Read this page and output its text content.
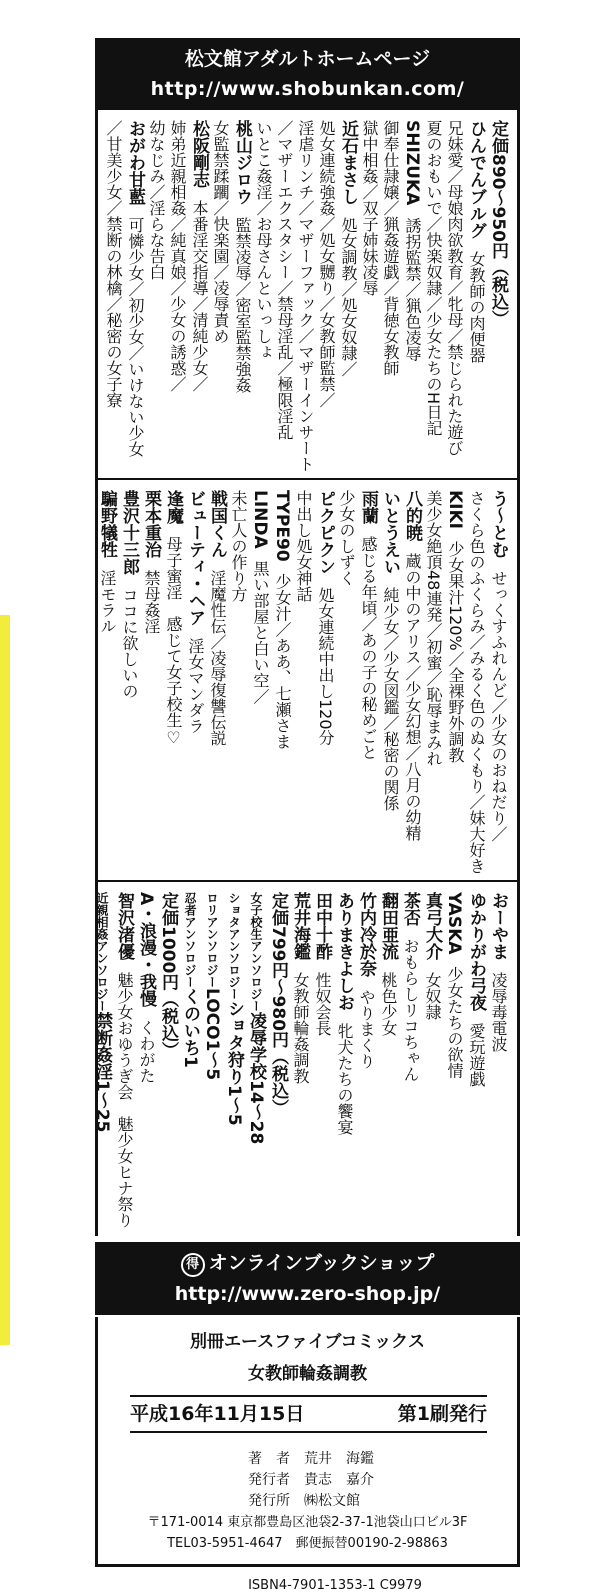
松文館アダルトホームページ
http://www.shobunkan.com/
定価890～950円（税込）
ひんでんブルグ女教師の肉便器
兄妹愛／母娘肉欲教育／牝母／禁じられた遊び
夏のおもいで／快楽奴隷／少女たちのH日記
SHIZUKA誘拐監禁／猟色凌辱
御奉仕隷嬢／猟姦遊戯／背徳女教師
獄中相姦／双子姉妹凌辱
近石まさし処女調教／処女奴隷／
処女連続強姦／処女嬲り／女教師監禁／
淫虐リンチ／マザーファック／マザーインサート
／マザーエクスタシー／禁母淫乱／極限淫乱
いとこ姦淫／お母さんといっしょ
桃山ジロウ監禁凌辱／密室監禁強姦
女監禁蹂躙／快楽園／凌辱責め
松阪剛志本番淫交指導／清純少女／
姉弟近親相姦／純真娘／少女の誘惑／
幼なじみ／淫らな告白
おがわ甘藍可憐少女／初少女／いけない少女
／甘美少女／禁断の林檎／秘密の女子寮
う～とむせっくすふれんど／少女のおねだり／
さくら色のふくらみ／みるく色のぬくもり／妹大好き
KIKI少女果汁120%／全裸野外調教
美少女絶頂48連発／初蜜／恥辱まみれ
八的暁蔵の中のアリス／少女幻想／八月の幼精
いとうえい純少女／少女図鑑／秘密の関係
雨蘭感じる年頃／あの子の秘めごと
少女のしずく
ピクピクン処女連続中出し120分
中出し処女神話
TYPE90少女汁／ああ、七瀬さま
LINDA黒い部屋と白い空／
未亡人の作り方
戦国くん淫魔性伝／凌辱復讐伝説
ビューティ・ヘア淫女マンダラ
逢魔母子蜜淫　感じて女子校生♡
栗本重治禁母姦淫
豊沢十三郎ココに欲しいの
騙野犠牲淫モラル
おーやま凌辱毒電波
ゆかりがわ弓夜愛玩遊戯
YASKA少女たちの欲情
真弓大介女奴隷
茶否おもらしリコちゃん
翻田亜流桃色少女
竹内冷於奈やりまくり
ありまきよしお牝犬たちの饗宴
田中十酢性奴会長
荒井海鑑女教師輪姦調教
定価799円～980円（税込）
女子校生アンソロジー凌辱学校14～28
ショタアンソロジーショタ狩り1～5
ロリアンソロジーLOCO1～5
忍者アンソロジーくのいち1
定価1000円（税込）
A・浪漫・我慢くわがた
智沢渚優魅少女おゆうぎ会　魅少女ヒナ祭り
近親相姦アンソロジー禁断姦淫1～25
得 オンラインブックショップ
http://www.zero-shop.jp/
別冊エースファイブコミックス
女教師輪姦調教
平成16年11月15日	第1刷発行
著　者　荒井　海鑑
発行者　貴志　嘉介
発行所　㈱松文館
〒171-0014 東京都豊島区池袋2-37-1池袋山口ビル3F
TEL03-5951-4647　郵便振替00190-2-98863
ISBN4-7901-1353-1 C9979
